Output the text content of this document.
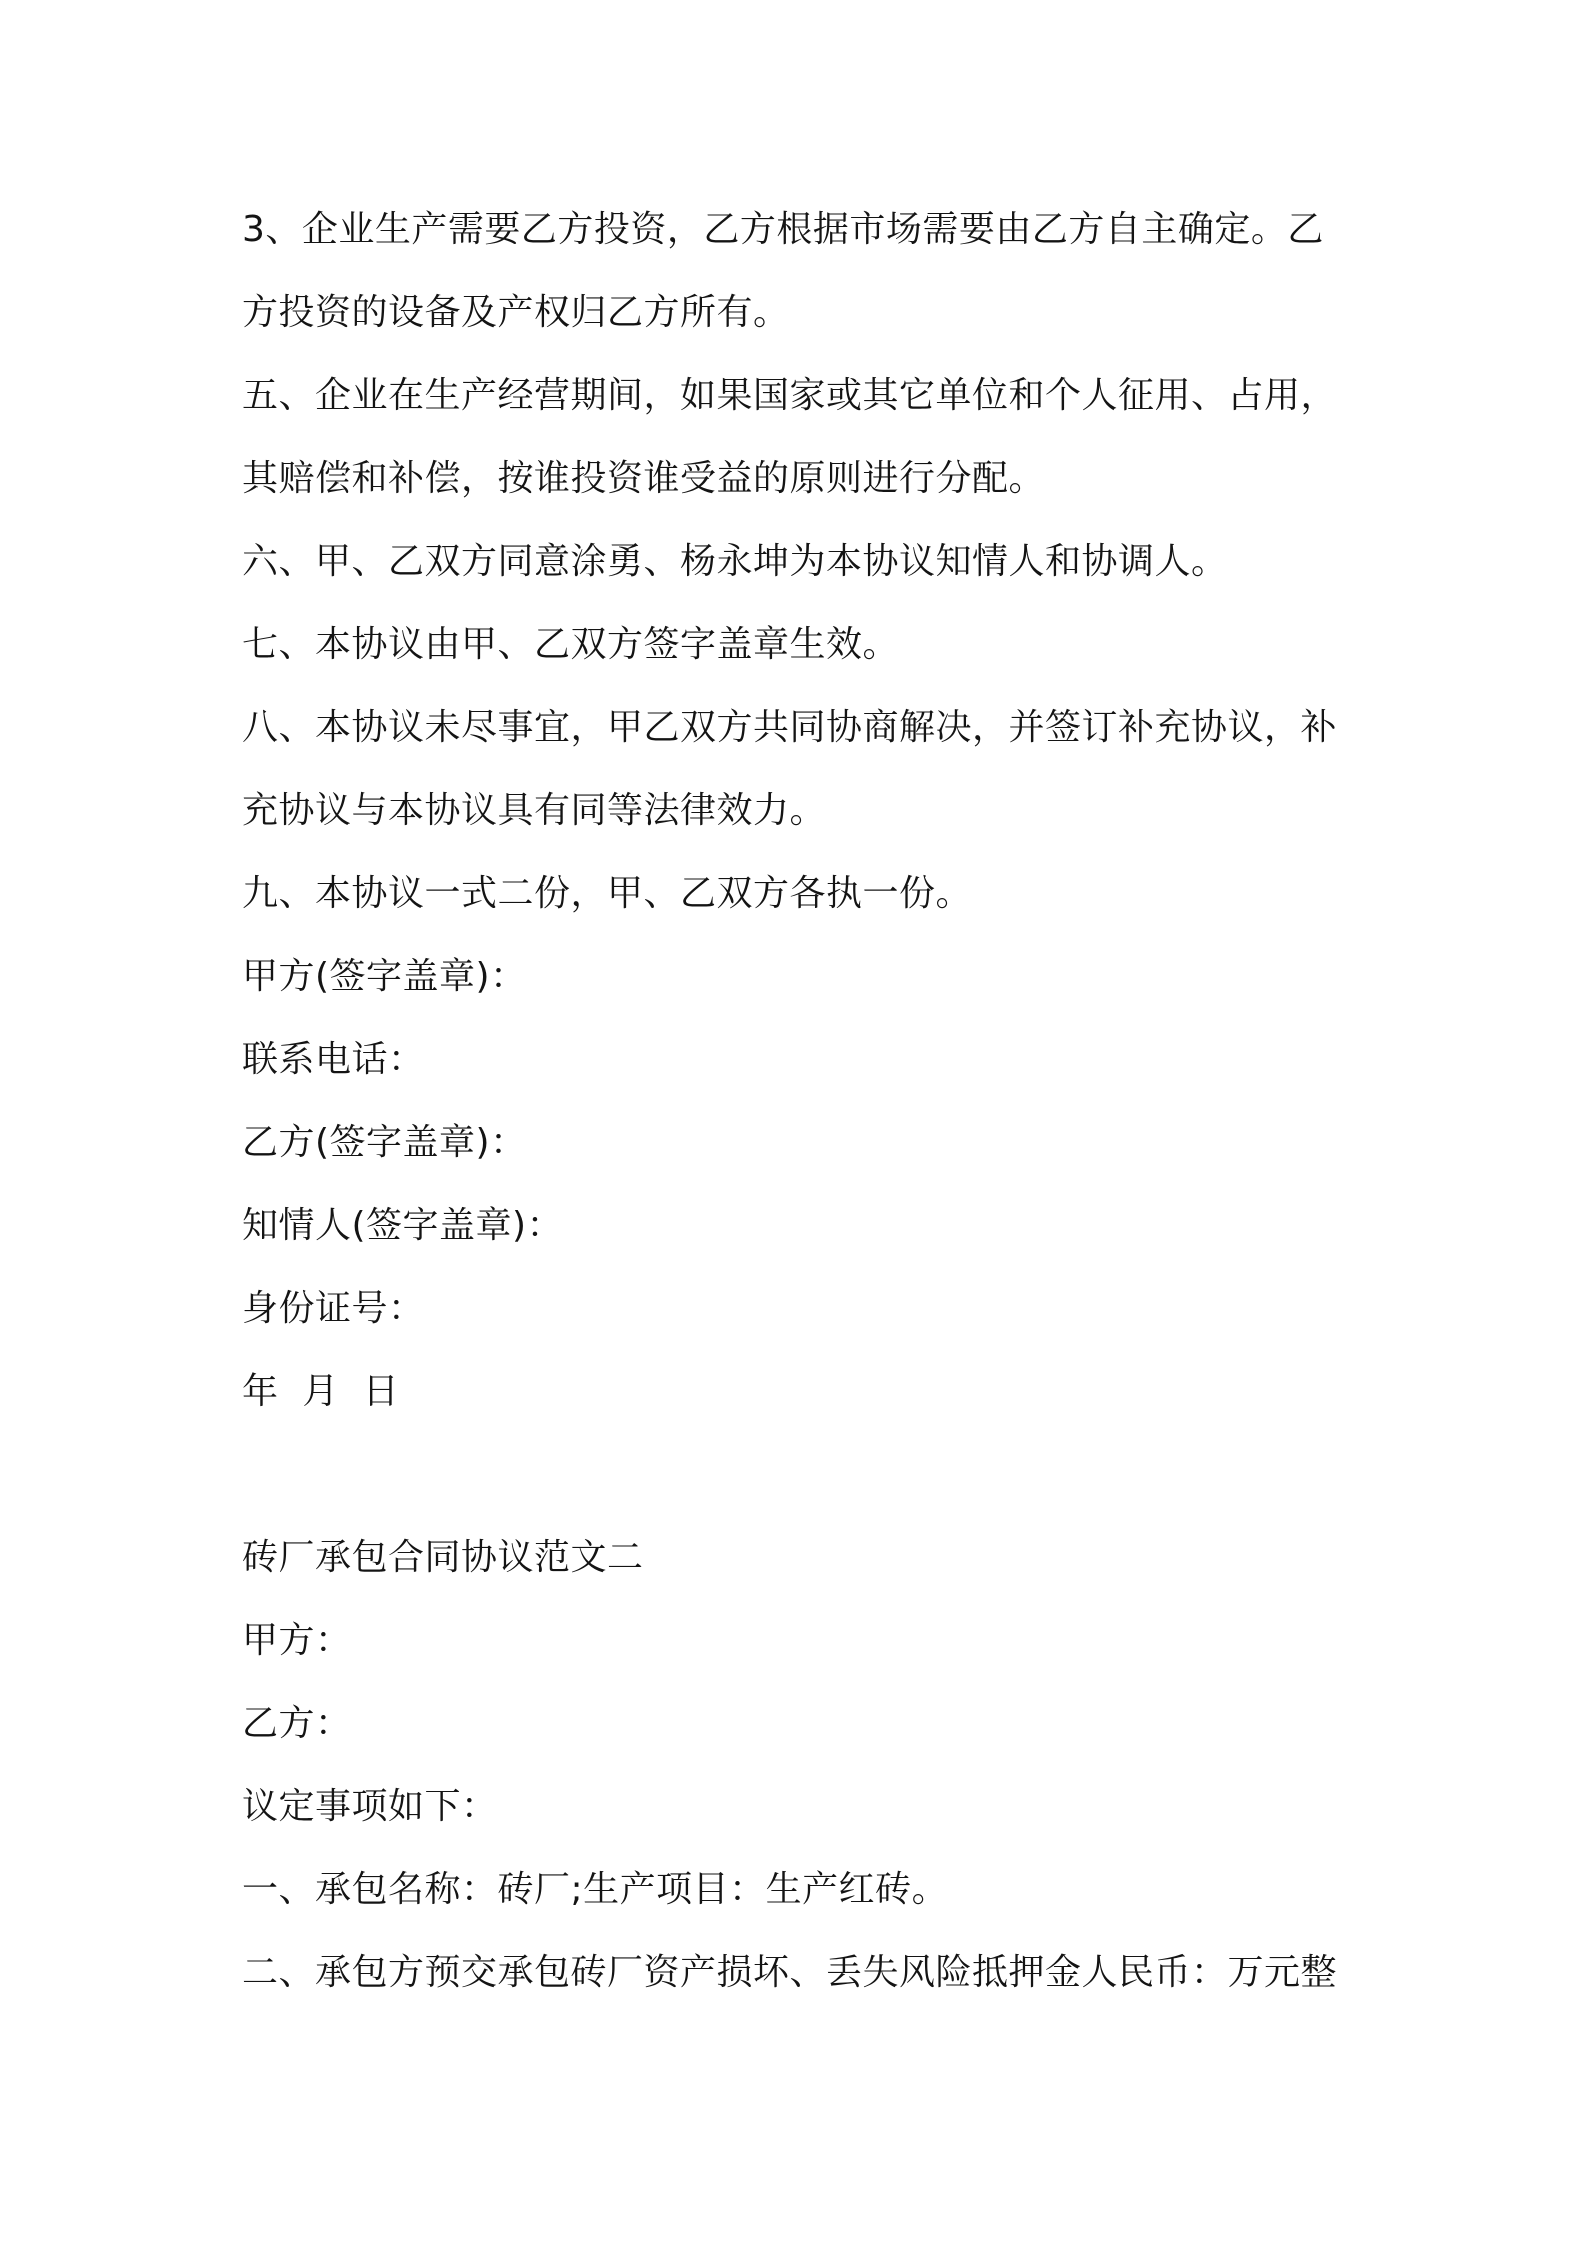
3、企业生产需要乙方投资，乙方根据市场需要由乙方自主确定。乙
方投资的设备及产权归乙方所有。
五、企业在生产经营期间，如果国家或其它单位和个人征用、占用，
其赔偿和补偿，按谁投资谁受益的原则进行分配。
六、甲、乙双方同意涂勇、杨永坤为本协议知情人和协调人。
七、本协议由甲、乙双方签字盖章生效。
八、本协议未尽事宜，甲乙双方共同协商解决，并签订补充协议，补
充协议与本协议具有同等法律效力。
九、本协议一式二份，甲、乙双方各执一份。
甲方(签字盖章)：
联系电话：
乙方(签字盖章)：
知情人(签字盖章)：
身份证号：
年  月  日
砖厂承包合同协议范文二
甲方：
乙方：
议定事项如下：
一、承包名称：砖厂;生产项目：生产红砖。
二、承包方预交承包砖厂资产损坏、丢失风险抵押金人民币：万元整
